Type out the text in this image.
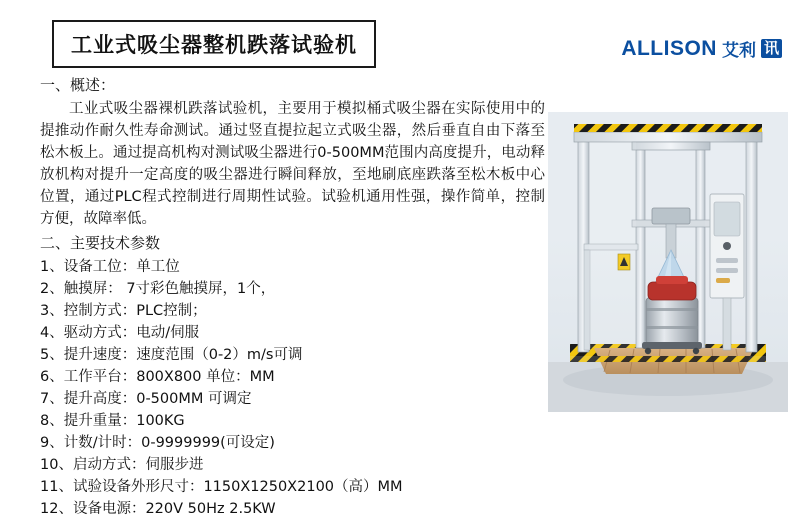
工业式吸尘器整机跌落试验机	ALLISON 艾利 讯

一、概述：

工业式吸尘器裸机跌落试验机，主要用于模拟桶式吸尘器在实际使用中的提推动作耐久性寿命测试。通过竖直提拉起立式吸尘器，然后垂直自由下落至松木板上。通过提高机构对测试吸尘器进行0-500MM范围内高度提升，电动释放机构对提升一定高度的吸尘器进行瞬间释放，至地刷底座跌落至松木板中心位置，通过PLC程式控制进行周期性试验。试验机通用性强，操作简单，控制方便，故障率低。

二、主要技术参数

1、设备工位：单工位
2、触摸屏： 7寸彩色触摸屏，1个，
3、控制方式：PLC控制；
4、驱动方式：电动/伺服
5、提升速度：速度范围（0-2）m/s可调
6、工作平台：800X800 单位：MM
7、提升高度：0-500MM 可调定
8、提升重量：100KG
9、计数/计时：0-9999999(可设定)
10、启动方式：伺服步进
11、试验设备外形尺寸：1150X1250X2100（高）MM
12、设备电源：220V 50Hz 2.5KW
